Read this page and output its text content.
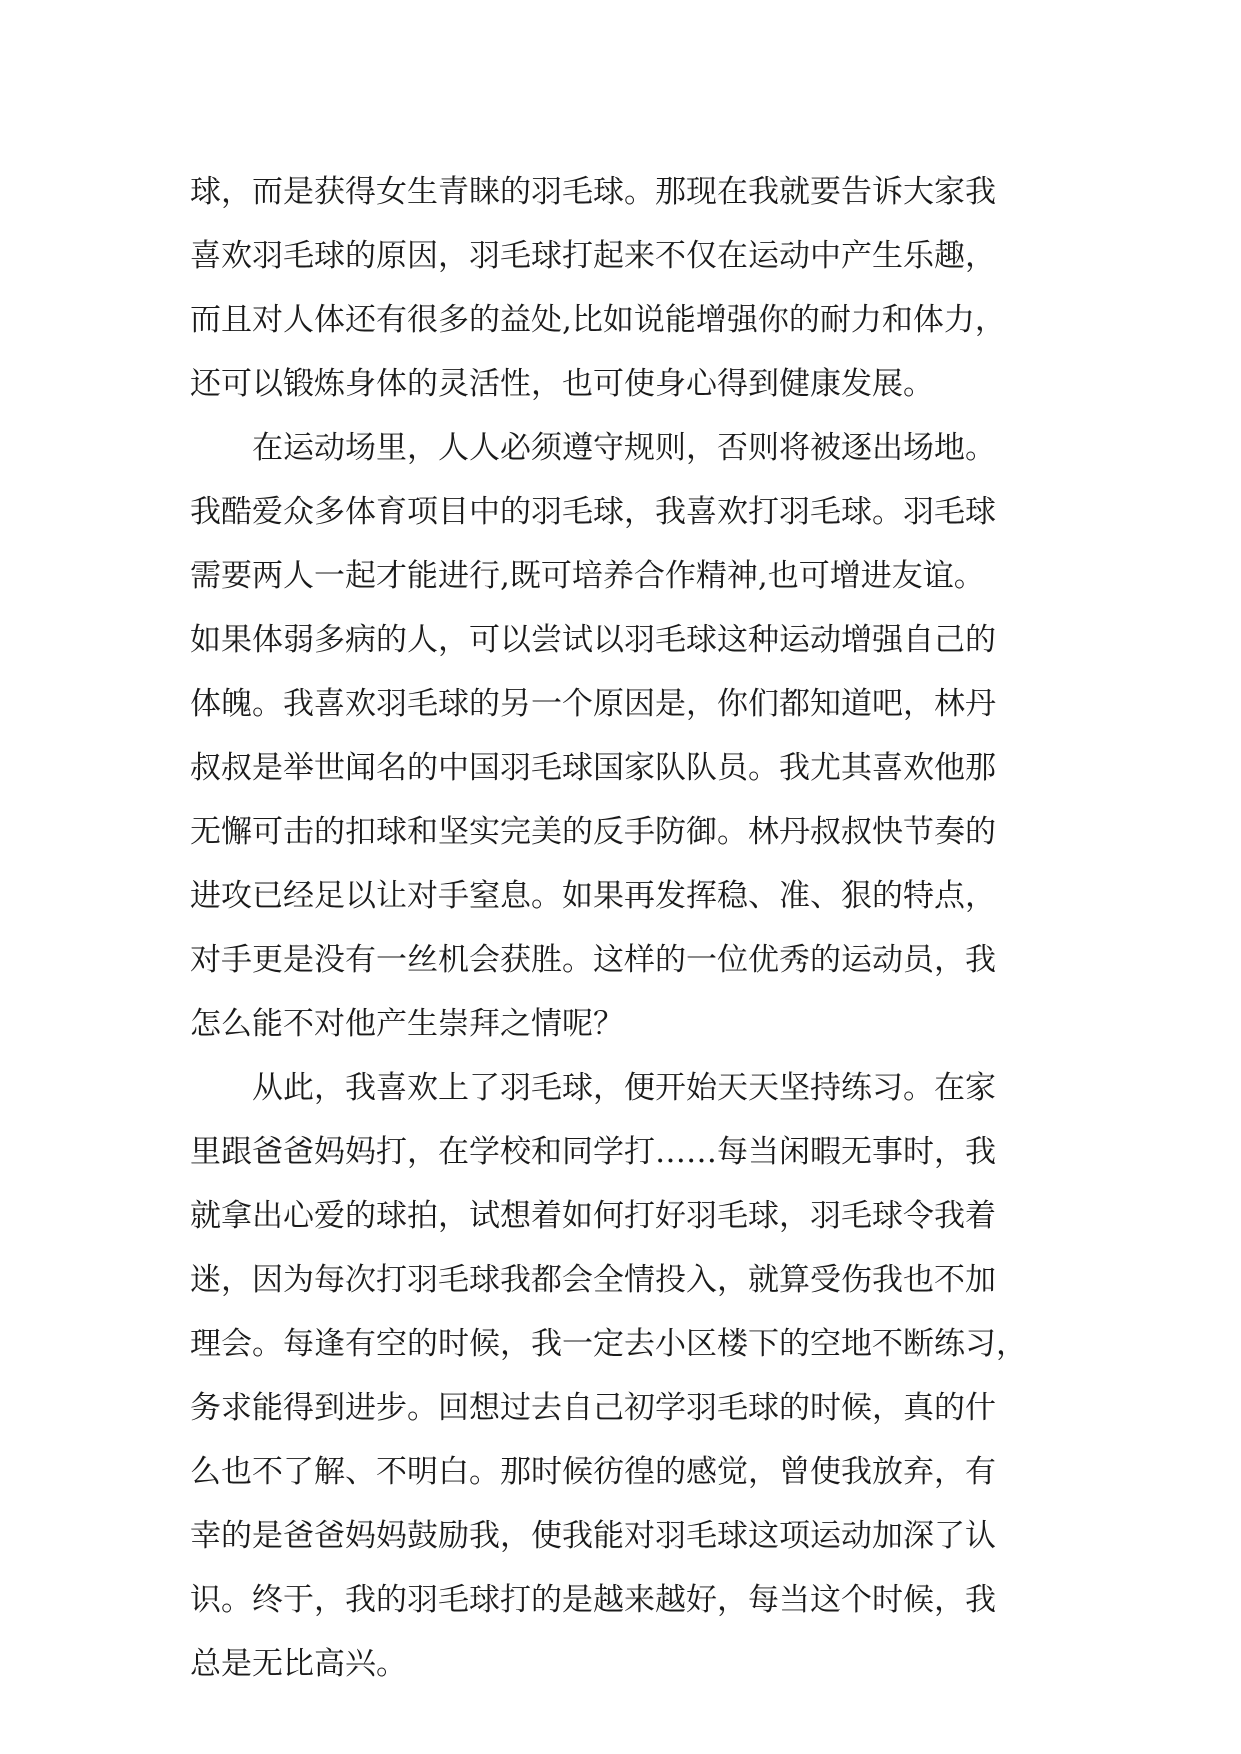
球，而是获得女生青睐的羽毛球。那现在我就要告诉大家我
喜欢羽毛球的原因，羽毛球打起来不仅在运动中产生乐趣，
而且对人体还有很多的益处,比如说能增强你的耐力和体力，
还可以锻炼身体的灵活性，也可使身心得到健康发展。
在运动场里，人人必须遵守规则，否则将被逐出场地。
我酷爱众多体育项目中的羽毛球，我喜欢打羽毛球。羽毛球
需要两人一起才能进行,既可培养合作精神,也可增进友谊。
如果体弱多病的人，可以尝试以羽毛球这种运动增强自己的
体魄。我喜欢羽毛球的另一个原因是，你们都知道吧，林丹
叔叔是举世闻名的中国羽毛球国家队队员。我尤其喜欢他那
无懈可击的扣球和坚实完美的反手防御。林丹叔叔快节奏的
进攻已经足以让对手窒息。如果再发挥稳、准、狠的特点，
对手更是没有一丝机会获胜。这样的一位优秀的运动员，我
怎么能不对他产生崇拜之情呢？
从此，我喜欢上了羽毛球，便开始天天坚持练习。在家
里跟爸爸妈妈打，在学校和同学打……每当闲暇无事时，我
就拿出心爱的球拍，试想着如何打好羽毛球，羽毛球令我着
迷，因为每次打羽毛球我都会全情投入，就算受伤我也不加
理会。每逢有空的时候，我一定去小区楼下的空地不断练习，
务求能得到进步。回想过去自己初学羽毛球的时候，真的什
么也不了解、不明白。那时候彷徨的感觉，曾使我放弃，有
幸的是爸爸妈妈鼓励我，使我能对羽毛球这项运动加深了认
识。终于，我的羽毛球打的是越来越好，每当这个时候，我
总是无比高兴。
